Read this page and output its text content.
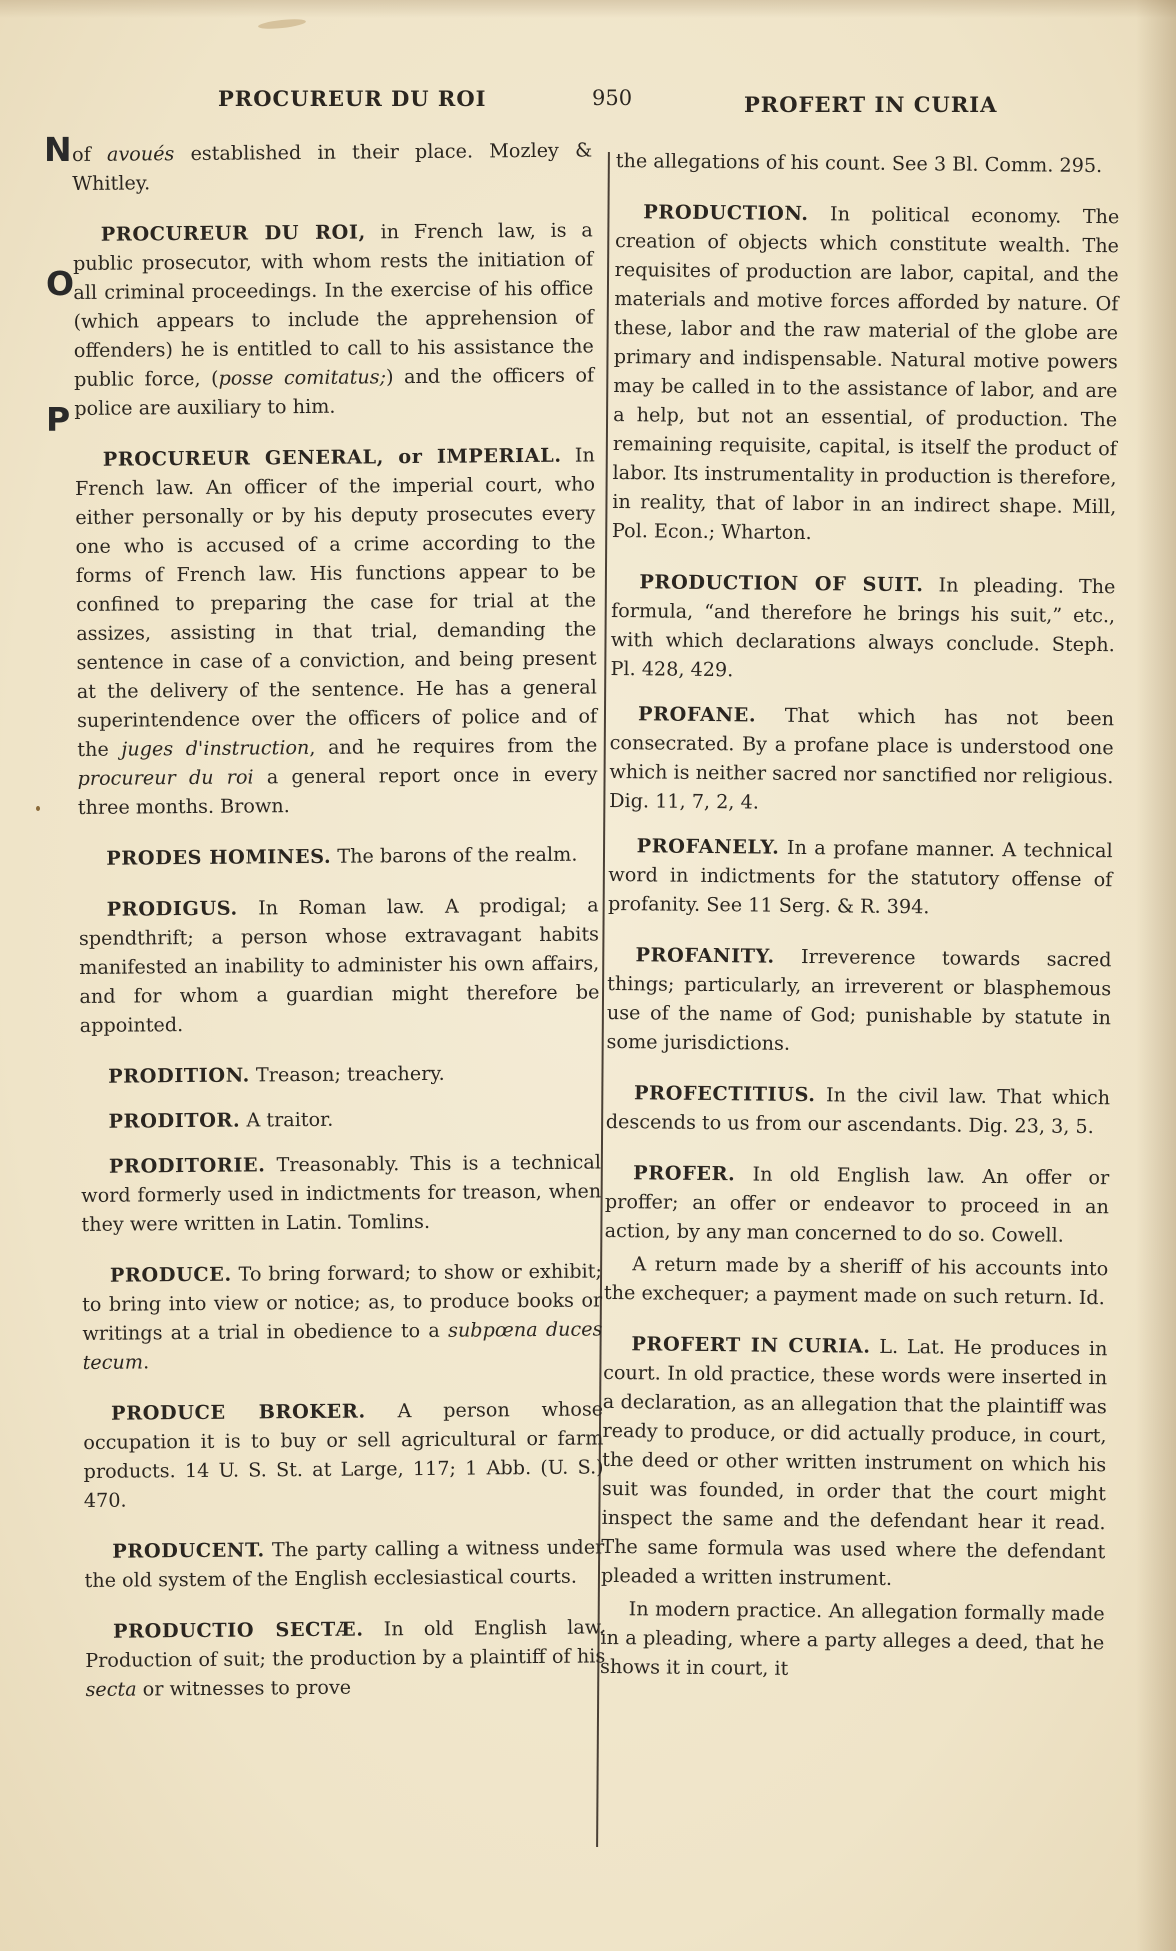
PROCUREUR DU ROI	950	PROFERT IN CURIA
N
O
P

of avoués established in their place. Mozley & Whitley.

PROCUREUR DU ROI, in French law, is a public prosecutor, with whom rests the initiation of all criminal proceedings. In the exercise of his office (which appears to include the apprehension of offenders) he is entitled to call to his assistance the public force, (posse comitatus;) and the officers of police are auxiliary to him.

PROCUREUR GENERAL, or IMPERIAL. In French law. An officer of the imperial court, who either personally or by his deputy prosecutes every one who is accused of a crime according to the forms of French law. His functions appear to be confined to preparing the case for trial at the assizes, assisting in that trial, demanding the sentence in case of a conviction, and being present at the delivery of the sentence. He has a general superintendence over the officers of police and of the juges d'instruction, and he requires from the procureur du roi a general report once in every three months. Brown.

PRODES HOMINES. The barons of the realm.

PRODIGUS. In Roman law. A prodigal; a spendthrift; a person whose extravagant habits manifested an inability to administer his own affairs, and for whom a guardian might therefore be appointed.

PRODITION. Treason; treachery.

PRODITOR. A traitor.

PRODITORIE. Treasonably. This is a technical word formerly used in indictments for treason, when they were written in Latin. Tomlins.

PRODUCE. To bring forward; to show or exhibit; to bring into view or notice; as, to produce books or writings at a trial in obedience to a subpœna duces tecum.

PRODUCE BROKER. A person whose occupation it is to buy or sell agricultural or farm products. 14 U. S. St. at Large, 117; 1 Abb. (U. S.) 470.

PRODUCENT. The party calling a witness under the old system of the English ecclesiastical courts.

PRODUCTIO SECTÆ. In old English law. Production of suit; the production by a plaintiff of his secta or witnesses to prove

the allegations of his count. See 3 Bl. Comm. 295.

PRODUCTION. In political economy. The creation of objects which constitute wealth. The requisites of production are labor, capital, and the materials and motive forces afforded by nature. Of these, labor and the raw material of the globe are primary and indispensable. Natural motive powers may be called in to the assistance of labor, and are a help, but not an essential, of production. The remaining requisite, capital, is itself the product of labor. Its instrumentality in production is therefore, in reality, that of labor in an indirect shape. Mill, Pol. Econ.; Wharton.

PRODUCTION OF SUIT. In pleading. The formula, “and therefore he brings his suit,” etc., with which declarations always conclude. Steph. Pl. 428, 429.

PROFANE. That which has not been consecrated. By a profane place is understood one which is neither sacred nor sanctified nor religious. Dig. 11, 7, 2, 4.

PROFANELY. In a profane manner. A technical word in indictments for the statutory offense of profanity. See 11 Serg. & R. 394.

PROFANITY. Irreverence towards sacred things; particularly, an irreverent or blasphemous use of the name of God; punishable by statute in some jurisdictions.

PROFECTITIUS. In the civil law. That which descends to us from our ascendants. Dig. 23, 3, 5.

PROFER. In old English law. An offer or proffer; an offer or endeavor to proceed in an action, by any man concerned to do so. Cowell.

A return made by a sheriff of his accounts into the exchequer; a payment made on such return. Id.

PROFERT IN CURIA. L. Lat. He produces in court. In old practice, these words were inserted in a declaration, as an allegation that the plaintiff was ready to produce, or did actually produce, in court, the deed or other written instrument on which his suit was founded, in order that the court might inspect the same and the defendant hear it read. The same formula was used where the defendant pleaded a written instrument.

In modern practice. An allegation formally made in a pleading, where a party alleges a deed, that he shows it in court, it
